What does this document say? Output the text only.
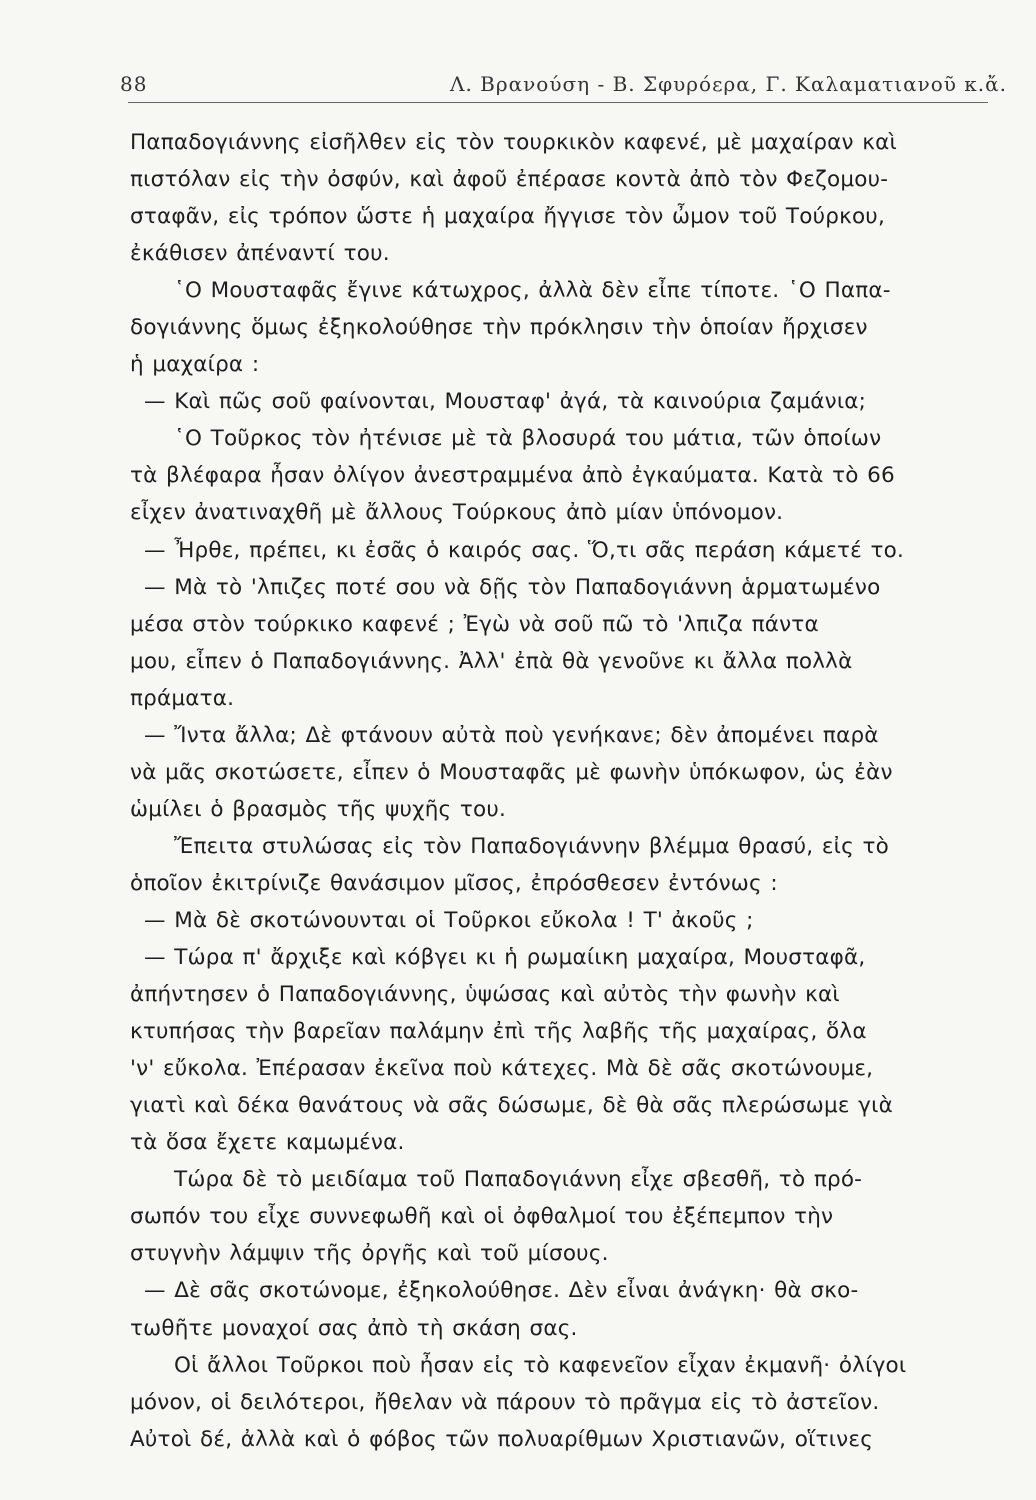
88	Λ. Βρανούση - Β. Σφυρόερα, Γ. Καλαματιανοῦ κ.ἄ.
Παπαδογιάννης εἰσῆλθεν εἰς τὸν τουρκικὸν καφενέ, μὲ μαχαίραν καὶ
πιστόλαν εἰς τὴν ὀσφύν, καὶ ἀφοῦ ἐπέρασε κοντὰ ἀπὸ τὸν Φεζομου-
σταφᾶν, εἰς τρόπον ὥστε ἡ μαχαίρα ἤγγισε τὸν ὦμον τοῦ Τούρκου,
ἐκάθισεν ἀπέναντί του.
῾Ο Μουσταφᾶς ἔγινε κάτωχρος, ἀλλὰ δὲν εἶπε τίποτε. ῾Ο Παπα-
δογιάννης ὅμως ἐξηκολούθησε τὴν πρόκλησιν τὴν ὁποίαν ἤρχισεν
ἡ μαχαίρα :
— Καὶ πῶς σοῦ φαίνονται, Μουσταφ' ἀγά, τὰ καινούρια ζαμάνια;
῾Ο Τοῦρκος τὸν ἠτένισε μὲ τὰ βλοσυρά του μάτια, τῶν ὁποίων
τὰ βλέφαρα ἦσαν ὀλίγον ἀνεστραμμένα ἀπὸ ἐγκαύματα. Κατὰ τὸ 66
εἶχεν ἀνατιναχθῆ μὲ ἄλλους Τούρκους ἀπὸ μίαν ὑπόνομον.
— Ἦρθε, πρέπει, κι ἐσᾶς ὁ καιρός σας. Ὅ,τι σᾶς περάση κάμετέ το.
— Μὰ τὸ 'λπιζες ποτέ σου νὰ δῇς τὸν Παπαδογιάννη ἁρματωμένο
μέσα στὸν τούρκικο καφενέ ; Ἐγὼ νὰ σοῦ πῶ τὸ 'λπιζα πάντα
μου, εἶπεν ὁ Παπαδογιάννης. Ἀλλ' ἐπὰ θὰ γενοῦνε κι ἄλλα πολλὰ
πράματα.
— Ἴντα ἄλλα; Δὲ φτάνουν αὐτὰ ποὺ γενήκανε; δὲν ἀπομένει παρὰ
νὰ μᾶς σκοτώσετε, εἶπεν ὁ Μουσταφᾶς μὲ φωνὴν ὑπόκωφον, ὡς ἐὰν
ὡμίλει ὁ βρασμὸς τῆς ψυχῆς του.
Ἔπειτα στυλώσας εἰς τὸν Παπαδογιάννην βλέμμα θρασύ, εἰς τὸ
ὁποῖον ἐκιτρίνιζε θανάσιμον μῖσος, ἐπρόσθεσεν ἐντόνως :
— Μὰ δὲ σκοτώνουνται οἱ Τοῦρκοι εὔκολα ! Τ' ἀκοῦς ;
— Τώρα π' ἄρχιξε καὶ κόβγει κι ἡ ρωμαίικη μαχαίρα, Μουσταφᾶ,
ἀπήντησεν ὁ Παπαδογιάννης, ὑψώσας καὶ αὐτὸς τὴν φωνὴν καὶ
κτυπήσας τὴν βαρεῖαν παλάμην ἐπὶ τῆς λαβῆς τῆς μαχαίρας, ὅλα
'ν' εὔκολα. Ἐπέρασαν ἐκεῖνα ποὺ κάτεχες. Μὰ δὲ σᾶς σκοτώνουμε,
γιατὶ καὶ δέκα θανάτους νὰ σᾶς δώσωμε, δὲ θὰ σᾶς πλερώσωμε γιὰ
τὰ ὅσα ἔχετε καμωμένα.
Τώρα δὲ τὸ μειδίαμα τοῦ Παπαδογιάννη εἶχε σβεσθῆ, τὸ πρό-
σωπόν του εἶχε συννεφωθῆ καὶ οἱ ὀφθαλμοί του ἐξέπεμπον τὴν
στυγνὴν λάμψιν τῆς ὀργῆς καὶ τοῦ μίσους.
— Δὲ σᾶς σκοτώνομε, ἐξηκολούθησε. Δὲν εἶναι ἀνάγκη· θὰ σκο-
τωθῆτε μοναχοί σας ἀπὸ τὴ σκάση σας.
Οἱ ἄλλοι Τοῦρκοι ποὺ ἦσαν εἰς τὸ καφενεῖον εἶχαν ἐκμανῆ· ὀλίγοι
μόνον, οἱ δειλότεροι, ἤθελαν νὰ πάρουν τὸ πρᾶγμα εἰς τὸ ἀστεῖον.
Αὐτοὶ δέ, ἀλλὰ καὶ ὁ φόβος τῶν πολυαρίθμων Χριστιανῶν, οἵτινες
